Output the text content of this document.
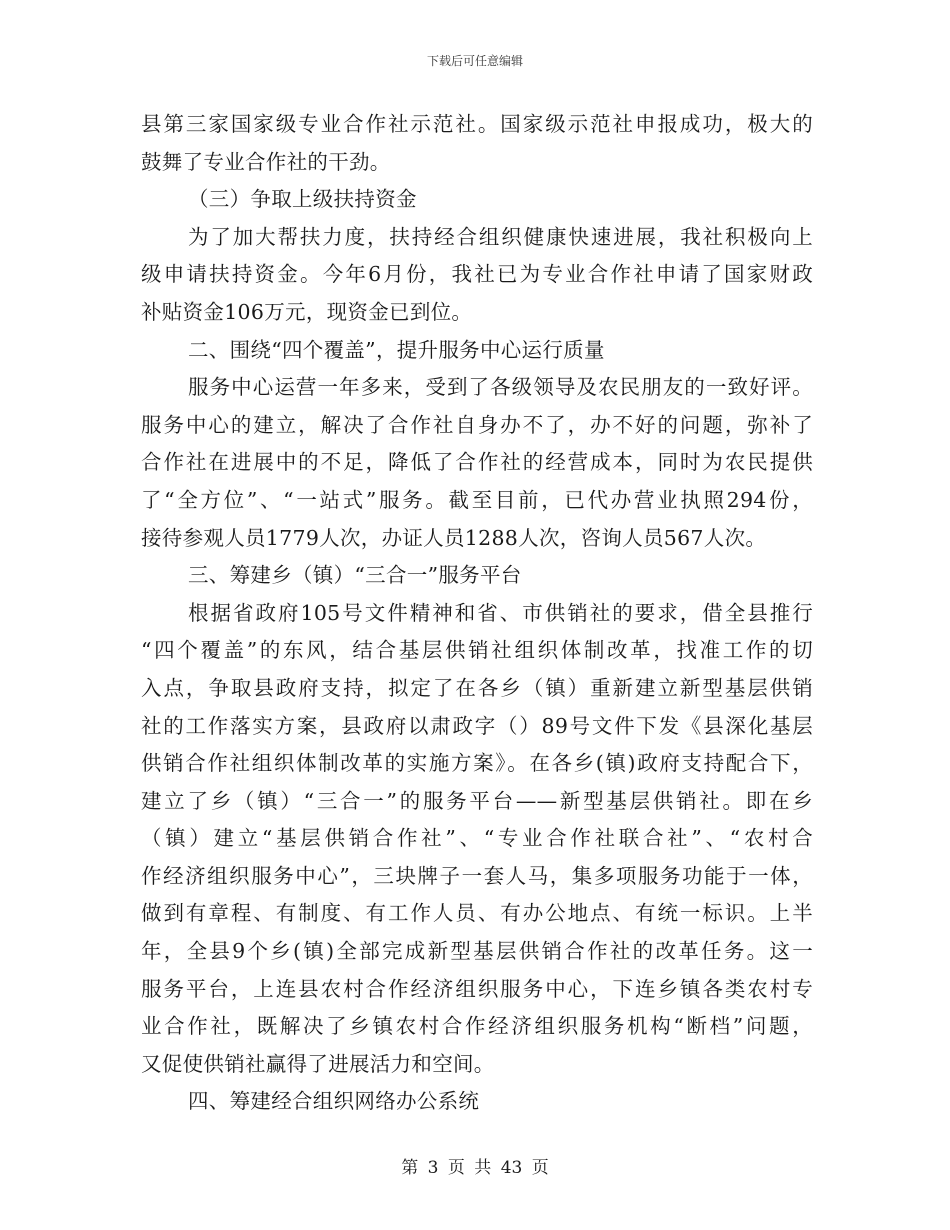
下载后可任意编辑
县第三家国家级专业合作社示范社。国家级示范社申报成功，极大的
鼓舞了专业合作社的干劲。
（三）争取上级扶持资金
为了加大帮扶力度，扶持经合组织健康快速进展，我社积极向上
级申请扶持资金。今年6月份，我社已为专业合作社申请了国家财政
补贴资金106万元，现资金已到位。
二、围绕“四个覆盖”，提升服务中心运行质量
服务中心运营一年多来，受到了各级领导及农民朋友的一致好评。
服务中心的建立，解决了合作社自身办不了，办不好的问题，弥补了
合作社在进展中的不足，降低了合作社的经营成本，同时为农民提供
了“全方位”、“一站式”服务。截至目前，已代办营业执照294份，
接待参观人员1779人次，办证人员1288人次，咨询人员567人次。
三、筹建乡（镇）“三合一”服务平台
根据省政府105号文件精神和省、市供销社的要求，借全县推行
“四个覆盖”的东风，结合基层供销社组织体制改革，找准工作的切
入点，争取县政府支持，拟定了在各乡（镇）重新建立新型基层供销
社的工作落实方案，县政府以肃政字（）89号文件下发《县深化基层
供销合作社组织体制改革的实施方案》。在各乡(镇)政府支持配合下，
建立了乡（镇）“三合一”的服务平台——新型基层供销社。即在乡
（镇）建立“基层供销合作社”、“专业合作社联合社”、“农村合
作经济组织服务中心”，三块牌子一套人马，集多项服务功能于一体，
做到有章程、有制度、有工作人员、有办公地点、有统一标识。上半
年，全县9个乡(镇)全部完成新型基层供销合作社的改革任务。这一
服务平台，上连县农村合作经济组织服务中心，下连乡镇各类农村专
业合作社，既解决了乡镇农村合作经济组织服务机构“断档”问题，
又促使供销社赢得了进展活力和空间。
四、筹建经合组织网络办公系统
第 3 页 共 43 页
